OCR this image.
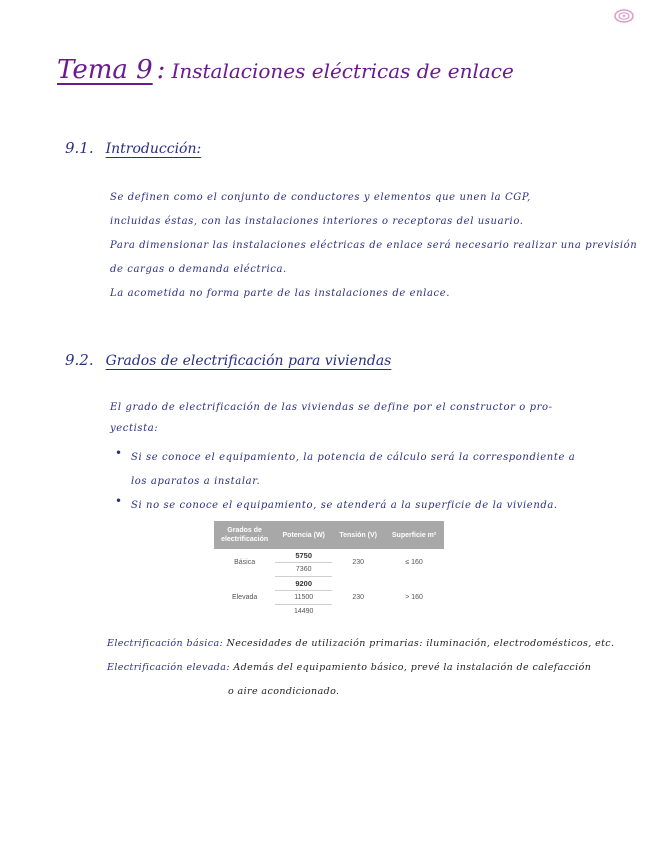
Tema 9 : Instalaciones eléctricas de enlace
9.1. Introducción:
Se definen como el conjunto de conductores y elementos que unen la CGP,
incluidas éstas, con las instalaciones interiores o receptoras del usuario.
Para dimensionar las instalaciones eléctricas de enlace será necesario realizar una previsión
de cargas o demanda eléctrica.
La acometida no forma parte de las instalaciones de enlace.
9.2. Grados de electrificación para viviendas
El grado de electrificación de las viviendas se define por el constructor o pro-
yectista:
• Si se conoce el equipamiento, la potencia de cálculo será la correspondiente a
los aparatos a instalar.
• Si no se conoce el equipamiento, se atenderá a la superficie de la vivienda.
Grados de electrificación	Potencia (W)	Tensión (V)	Superficie m²
Básica	5750	230	≤ 160
	7360		
Elevada	9200	230	> 160
	11500		
	14490		
Electrificación básica: Necesidades de utilización primarias: iluminación, electrodomésticos, etc.
Electrificación elevada: Además del equipamiento básico, prevé la instalación de calefacción
o aire acondicionado.
